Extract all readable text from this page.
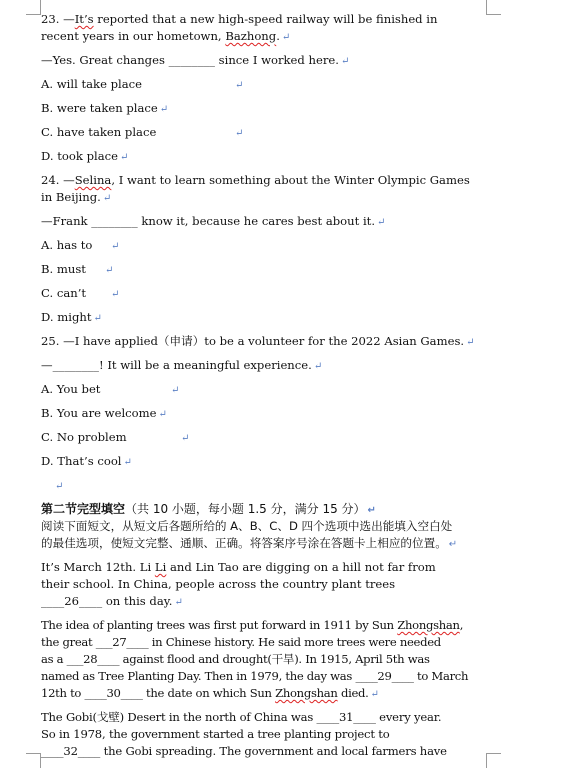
23. —It’s reported that a new high-speed railway will be finished in
recent years in our hometown, Bazhong. ↵
—Yes. Great changes ________ since I worked here. ↵
A. will take place	↵
B. were taken place ↵
C. have taken place	↵
D. took place ↵
24. —Selina, I want to learn something about the Winter Olympic Games
in Beijing. ↵
—Frank ________ know it, because he cares best about it. ↵
A. has to ↵
B. must ↵
C. can’t ↵
D. might ↵
25. —I have applied（申请）to be a volunteer for the 2022 Asian Games. ↵
—________! It will be a meaningful experience. ↵
A. You bet	↵
B. You are welcome ↵
C. No problem	↵
D. That’s cool ↵
↵
第二节完型填空（共 10 小题，每小题 1.5 分，满分 15 分） ↵
阅读下面短文，从短文后各题所给的 A、B、C、D 四个选项中选出能填入空白处
的最佳选项，使短文完整、通顺、正确。将答案序号涂在答题卡上相应的位置。 ↵
It’s March 12th. Li Li and Lin Tao are digging on a hill not far from
their school. In China, people across the country plant trees
____26____ on this day. ↵
The idea of planting trees was first put forward in 1911 by Sun Zhongshan,
the great ___27____ in Chinese history. He said more trees were needed
as a ___28____ against flood and drought(干旱). In 1915, April 5th was
named as Tree Planting Day. Then in 1979, the day was ____29____ to March
12th to ____30____ the date on which Sun Zhongshan died. ↵
The Gobi(戈壁) Desert in the north of China was ____31____ every year.
So in 1978, the government started a tree planting project to
____32____ the Gobi spreading. The government and local farmers have
